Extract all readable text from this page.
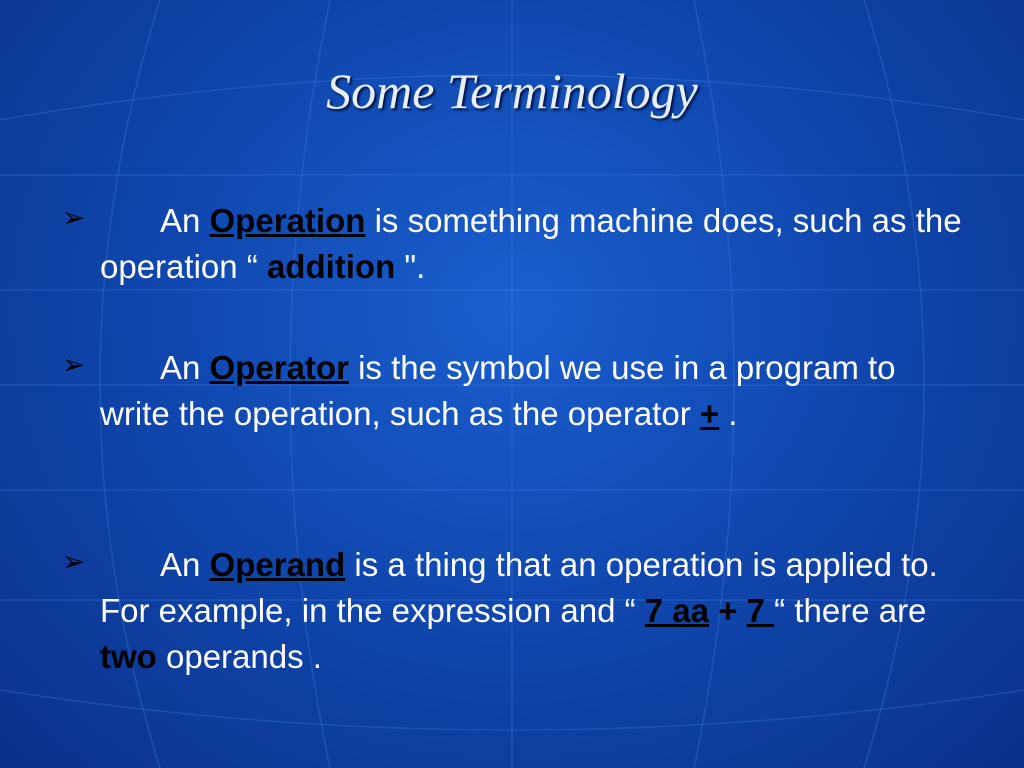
Some Terminology
➢	An Operation is something machine does, such as the operation “ addition ".
➢	An Operator is the symbol we use in a program to write the operation, such as the operator + .
➢	An Operand is a thing that an operation is applied to. For example, in the expression and “ 7 aa + 7 “ there are two operands .
